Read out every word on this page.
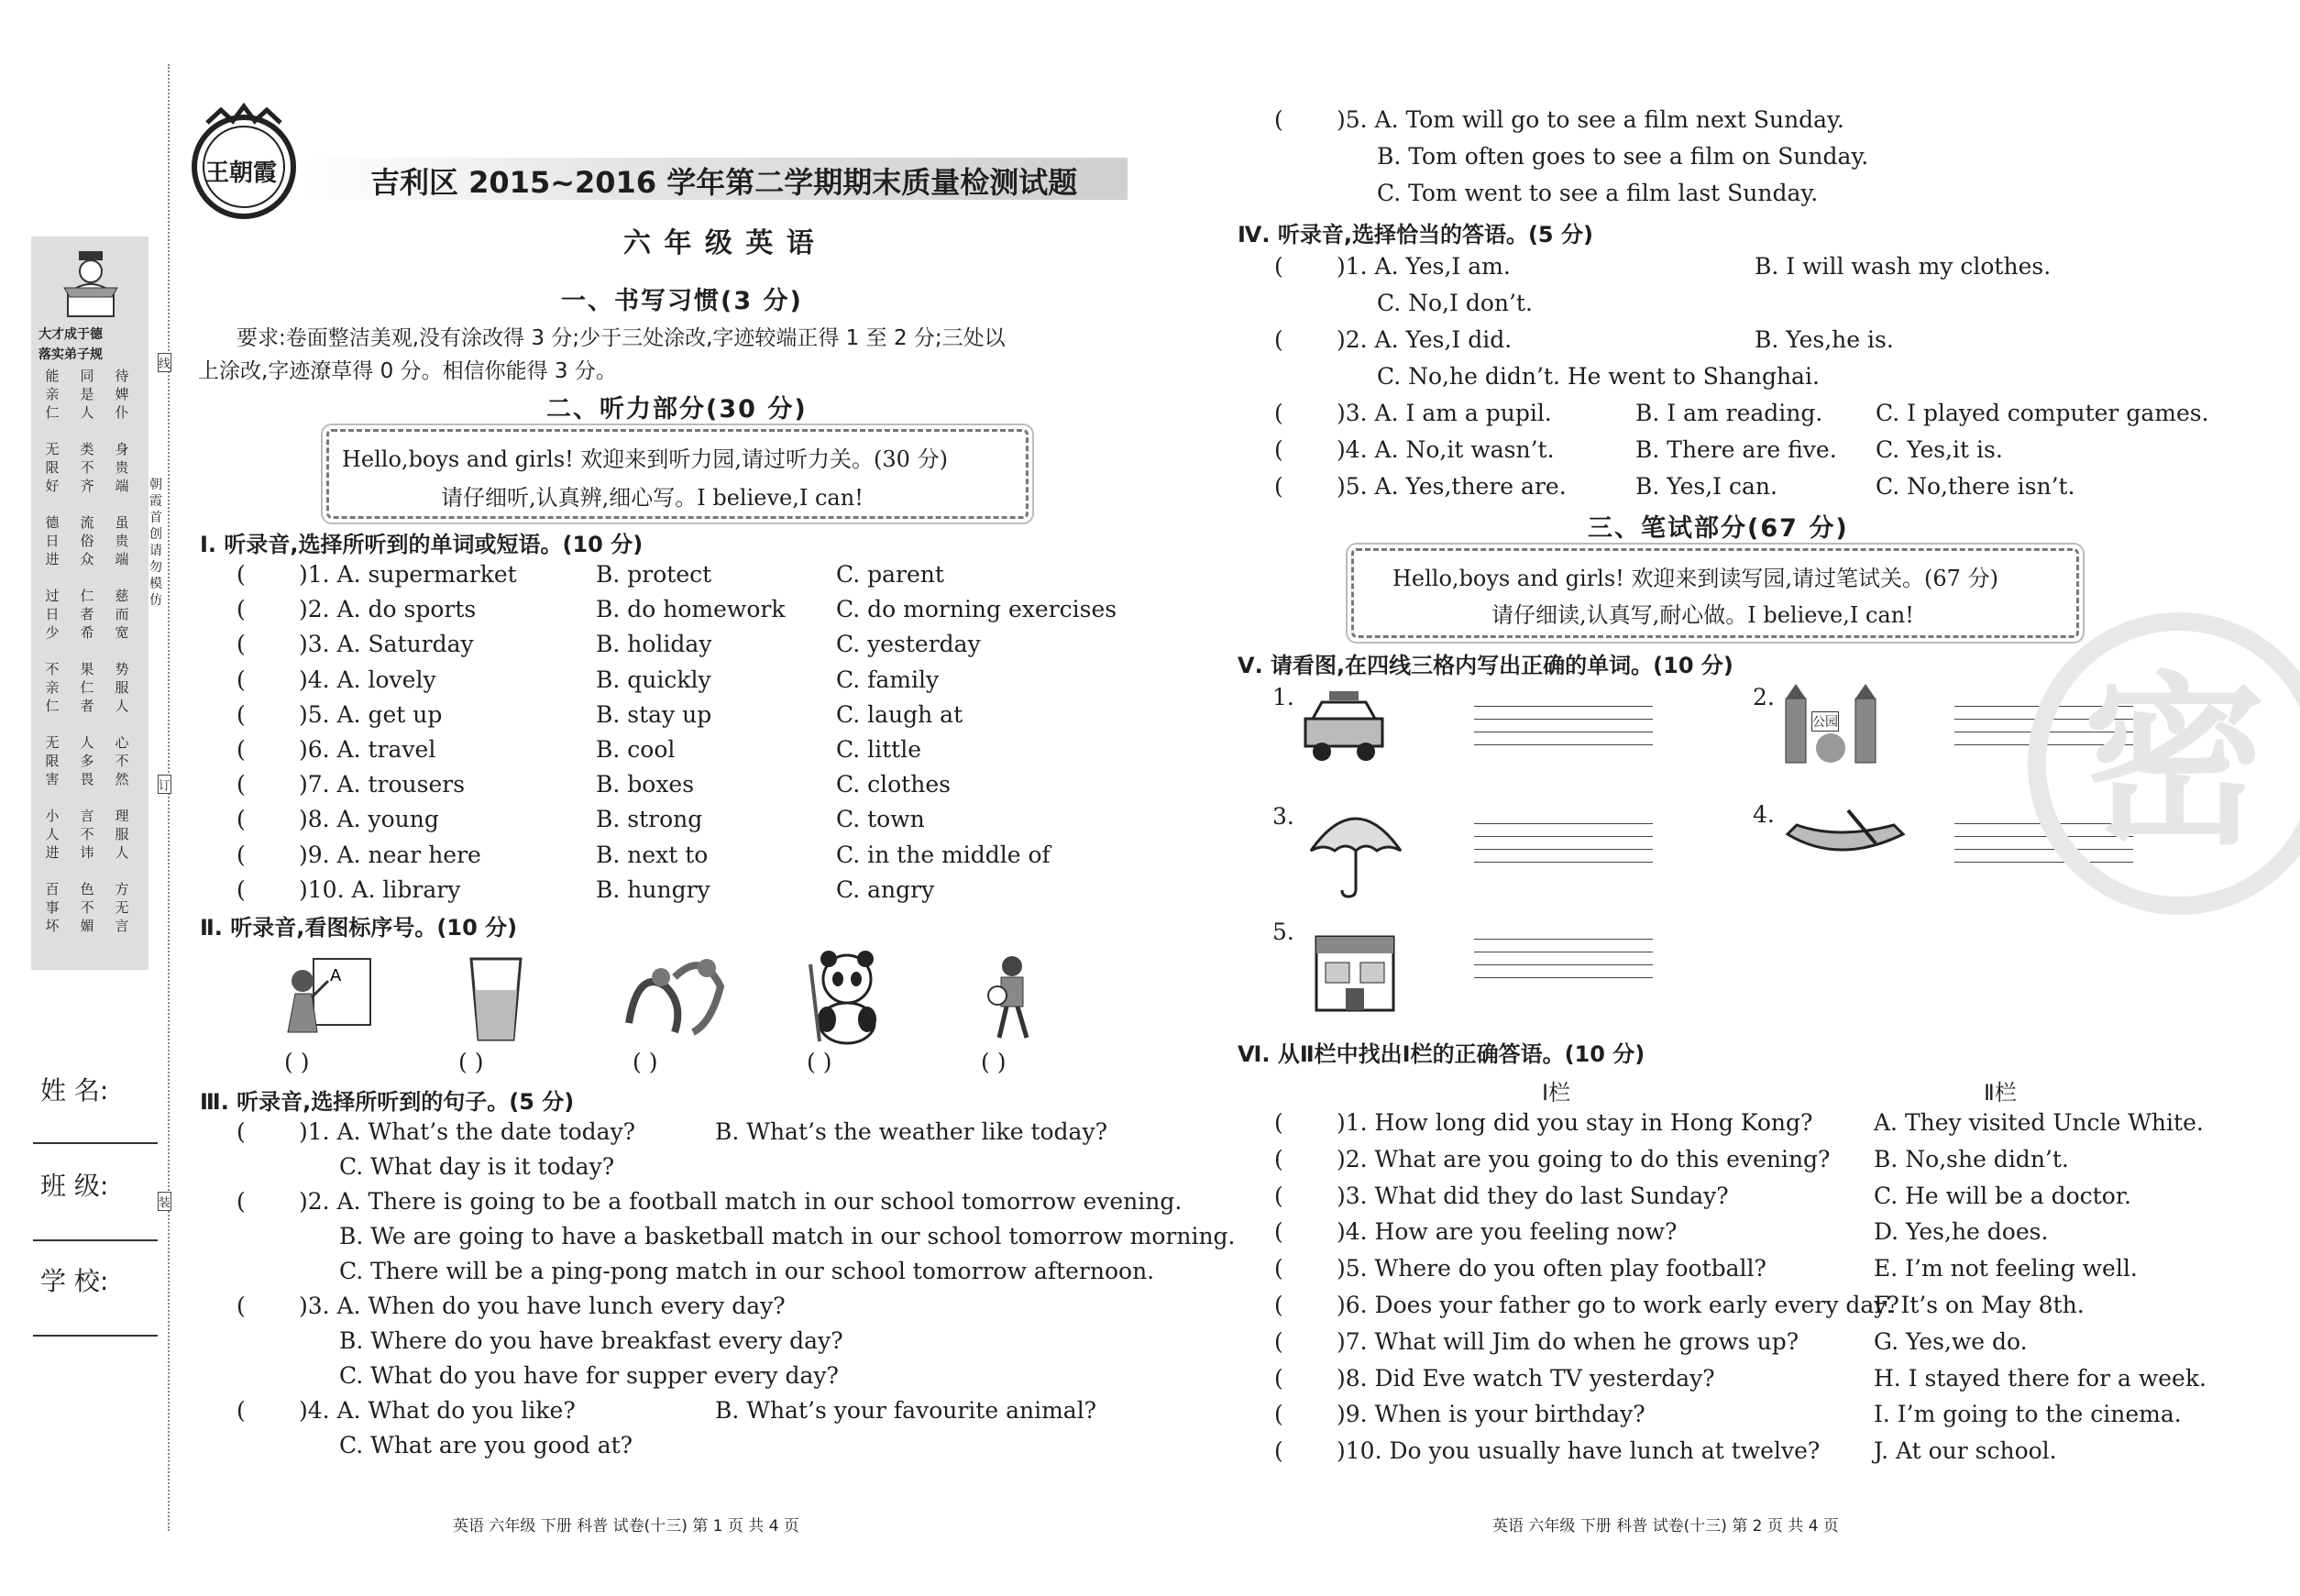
大才成于德
落实弟子规
能亲仁
同是人
待婢仆
无限好
类不齐
身贵端
德日进
流俗众
虽贵端
过日少
仁者希
慈而宽
不亲仁
果仁者
势服人
无限害
人多畏
心不然
小人进
言不讳
理服人
百事坏
色不媚
方无言
朝霞首创 请勿模仿
线
订
装
姓 名:
班 级:
学 校:
王朝霞	吉利区 2015~2016 学年第二学期期末质量检测试题
六 年 级 英 语
一、书写习惯(3 分)
要求:卷面整洁美观,没有涂改得 3 分;少于三处涂改,字迹较端正得 1 至 2 分;三处以
上涂改,字迹潦草得 0 分。相信你能得 3 分。
二、听力部分(30 分)
Hello,boys and girls! 欢迎来到听力园,请过听力关。(30 分)
请仔细听,认真辨,细心写。I believe,I can!
Ⅰ. 听录音,选择所听到的单词或短语。(10 分)
( )1. A. supermarket	B. protect	C. parent
( )2. A. do sports	B. do homework C. do morning exercises
( )3. A. Saturday	B. holiday	C. yesterday
( )4. A. lovely	B. quickly	C. family
( )5. A. get up	B. stay up	C. laugh at
( )6. A. travel	B. cool	C. little
( )7. A. trousers	B. boxes	C. clothes
( )8. A. young	B. strong	C. town
( )9. A. near here	B. next to	C. in the middle of
( )10. A. library	B. hungry	C. angry
Ⅱ. 听录音,看图标序号。(10 分)
A
( )	( )	( )	( )	( )
Ⅲ. 听录音,选择所听到的句子。(5 分)
( )1. A. What’s the date today?	B. What’s the weather like today?
C. What day is it today?
( )2. A. There is going to be a football match in our school tomorrow evening.
B. We are going to have a basketball match in our school tomorrow morning.
C. There will be a ping-pong match in our school tomorrow afternoon.
( )3. A. When do you have lunch every day?
B. Where do you have breakfast every day?
C. What do you have for supper every day?
( )4. A. What do you like?	B. What’s your favourite animal?
C. What are you good at?
英语 六年级 下册 科普 试卷(十三) 第 1 页 共 4 页
( )5. A. Tom will go to see a film next Sunday.
B. Tom often goes to see a film on Sunday.
C. Tom went to see a film last Sunday.
Ⅳ. 听录音,选择恰当的答语。(5 分)
( )1. A. Yes,I am.	B. I will wash my clothes.
C. No,I don’t.
( )2. A. Yes,I did.	B. Yes,he is.
C. No,he didn’t. He went to Shanghai.
( )3. A. I am a pupil.	B. I am reading. C. I played computer games.
( )4. A. No,it wasn’t.	B. There are five. C. Yes,it is.
( )5. A. Yes,there are.	B. Yes,I can.	C. No,there isn’t.
三、笔试部分(67 分)
Hello,boys and girls! 欢迎来到读写园,请过笔试关。(67 分)
请仔细读,认真写,耐心做。I believe,I can!
Ⅴ. 请看图,在四线三格内写出正确的单词。(10 分)
1.	2.
公园
3.	4.
5.
Ⅵ. 从Ⅱ栏中找出Ⅰ栏的正确答语。(10 分)
Ⅰ栏	Ⅱ栏
( )1. How long did you stay in Hong Kong?	A. They visited Uncle White.
( )2. What are you going to do this evening? B. No,she didn’t.
( )3. What did they do last Sunday?	C. He will be a doctor.
( )4. How are you feeling now?	D. Yes,he does.
( )5. Where do you often play football?	E. I’m not feeling well.
( )6. Does your father go to work early every day?
F. It’s on May 8th.
( )7. What will Jim do when he grows up?	G. Yes,we do.
( )8. Did Eve watch TV yesterday?	H. I stayed there for a week.
( )9. When is your birthday?	I. I’m going to the cinema.
( )10. Do you usually have lunch at twelve? J. At our school.
英语 六年级 下册 科普 试卷(十三) 第 2 页 共 4 页
密
